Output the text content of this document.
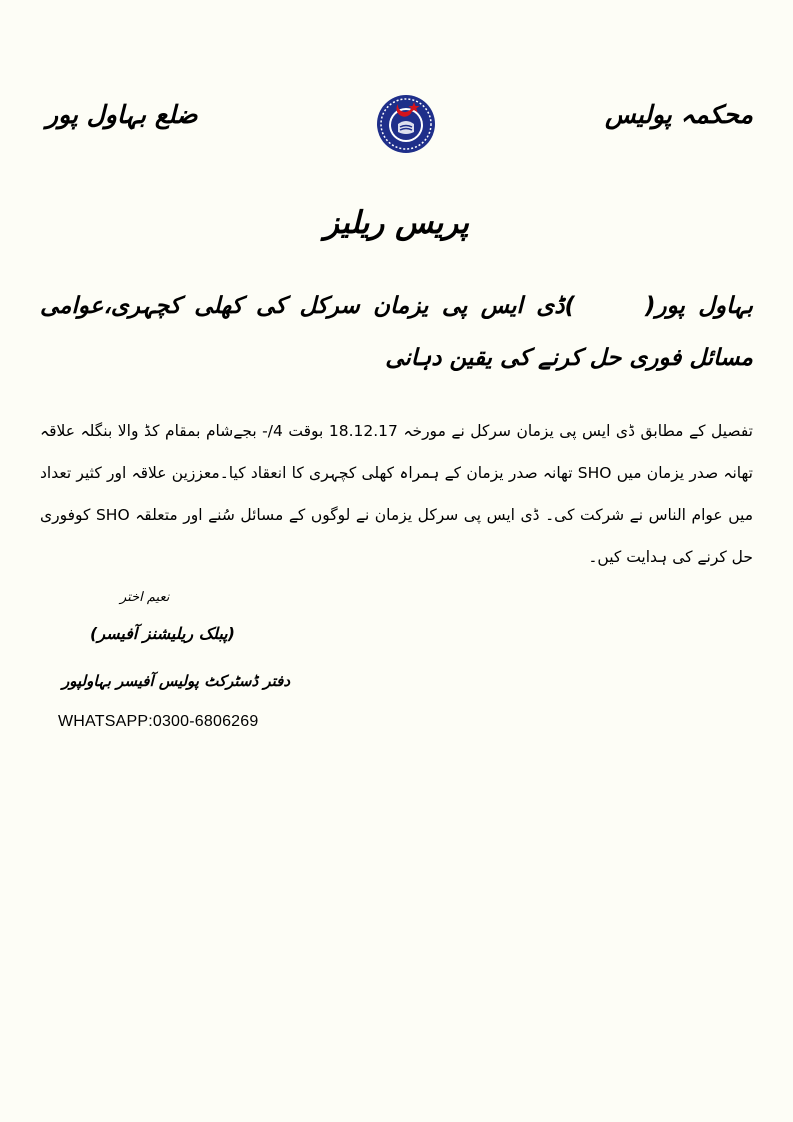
محکمہ پولیس
ضلع بہاول پور
پریس ریلیز
بہاول پور()ڈی ایس پی یزمان سرکل کی کھلی کچہری،عوامی مسائل فوری حل کرنے کی یقین دہانی
تفصیل کے مطابق ڈی ایس پی یزمان سرکل نے مورخہ 18.12.17 بوقت 4/- بجےشام بمقام کڈ والا بنگلہ علاقہ تھانہ صدر یزمان میں SHO تھانہ صدر یزمان کے ہمراہ کھلی کچہری کا انعقاد کیا۔معززین علاقہ اور کثیر تعداد میں عوام الناس نے شرکت کی۔ ڈی ایس پی سرکل یزمان نے لوگوں کے مسائل سُنے اور متعلقہ SHO کوفوری حل کرنے کی ہدایت کیں۔
نعیم اختر
(پبلک ریلیشنز آفیسر)
دفتر ڈسٹرکٹ پولیس آفیسر بہاولپور
WHATSAPP:0300-6806269
